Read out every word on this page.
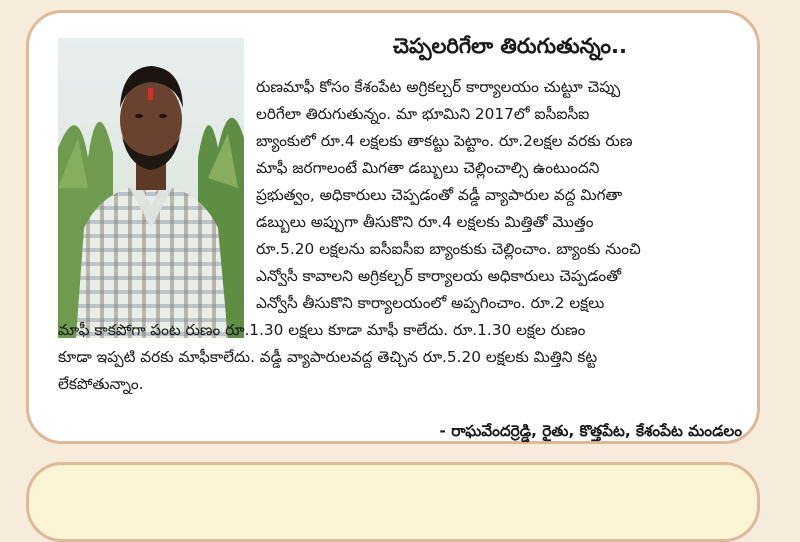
చెప్పలరిగేలా తిరుగుతున్నం..
రుణమాఫీ కోసం కేశంపేట అగ్రికల్చర్ కార్యాలయం చుట్టూ చెప్పు
లరిగేలా తిరుగుతున్నం. మా భూమిని 2017లో ఐసీఐసీఐ
బ్యాంకులో రూ.4 లక్షలకు తాకట్టు పెట్టాం. రూ.2లక్షల వరకు రుణ
మాఫీ జరగాలంటే మిగతా డబ్బులు చెల్లించాల్సి ఉంటుందని
ప్రభుత్వం, అధికారులు చెప్పడంతో వడ్డీ వ్యాపారుల వద్ద మిగతా
డబ్బులు అప్పుగా తీసుకొని రూ.4 లక్షలకు మిత్తితో మొత్తం
రూ.5.20 లక్షలను ఐసీఐసీఐ బ్యాంకుకు చెల్లించాం. బ్యాంకు నుంచి
ఎన్వోసీ కావాలని అగ్రికల్చర్ కార్యాలయ అధికారులు చెప్పడంతో
ఎన్వోసీ తీసుకొని కార్యాలయంలో అప్పగించాం. రూ.2 లక్షలు
మాఫీ కాకపోగా పంట రుణం రూ.1.30 లక్షలు కూడా మాఫీ కాలేదు. రూ.1.30 లక్షల రుణం
కూడా ఇప్పటి వరకు మాఫీకాలేదు. వడ్డీ వ్యాపారులవద్ద తెచ్చిన రూ.5.20 లక్షలకు మిత్తిని కట్ట
లేకపోతున్నాం.
- రాఘవేందర్రెడ్డి, రైతు, కొత్తపేట, కేశంపేట మండలం
